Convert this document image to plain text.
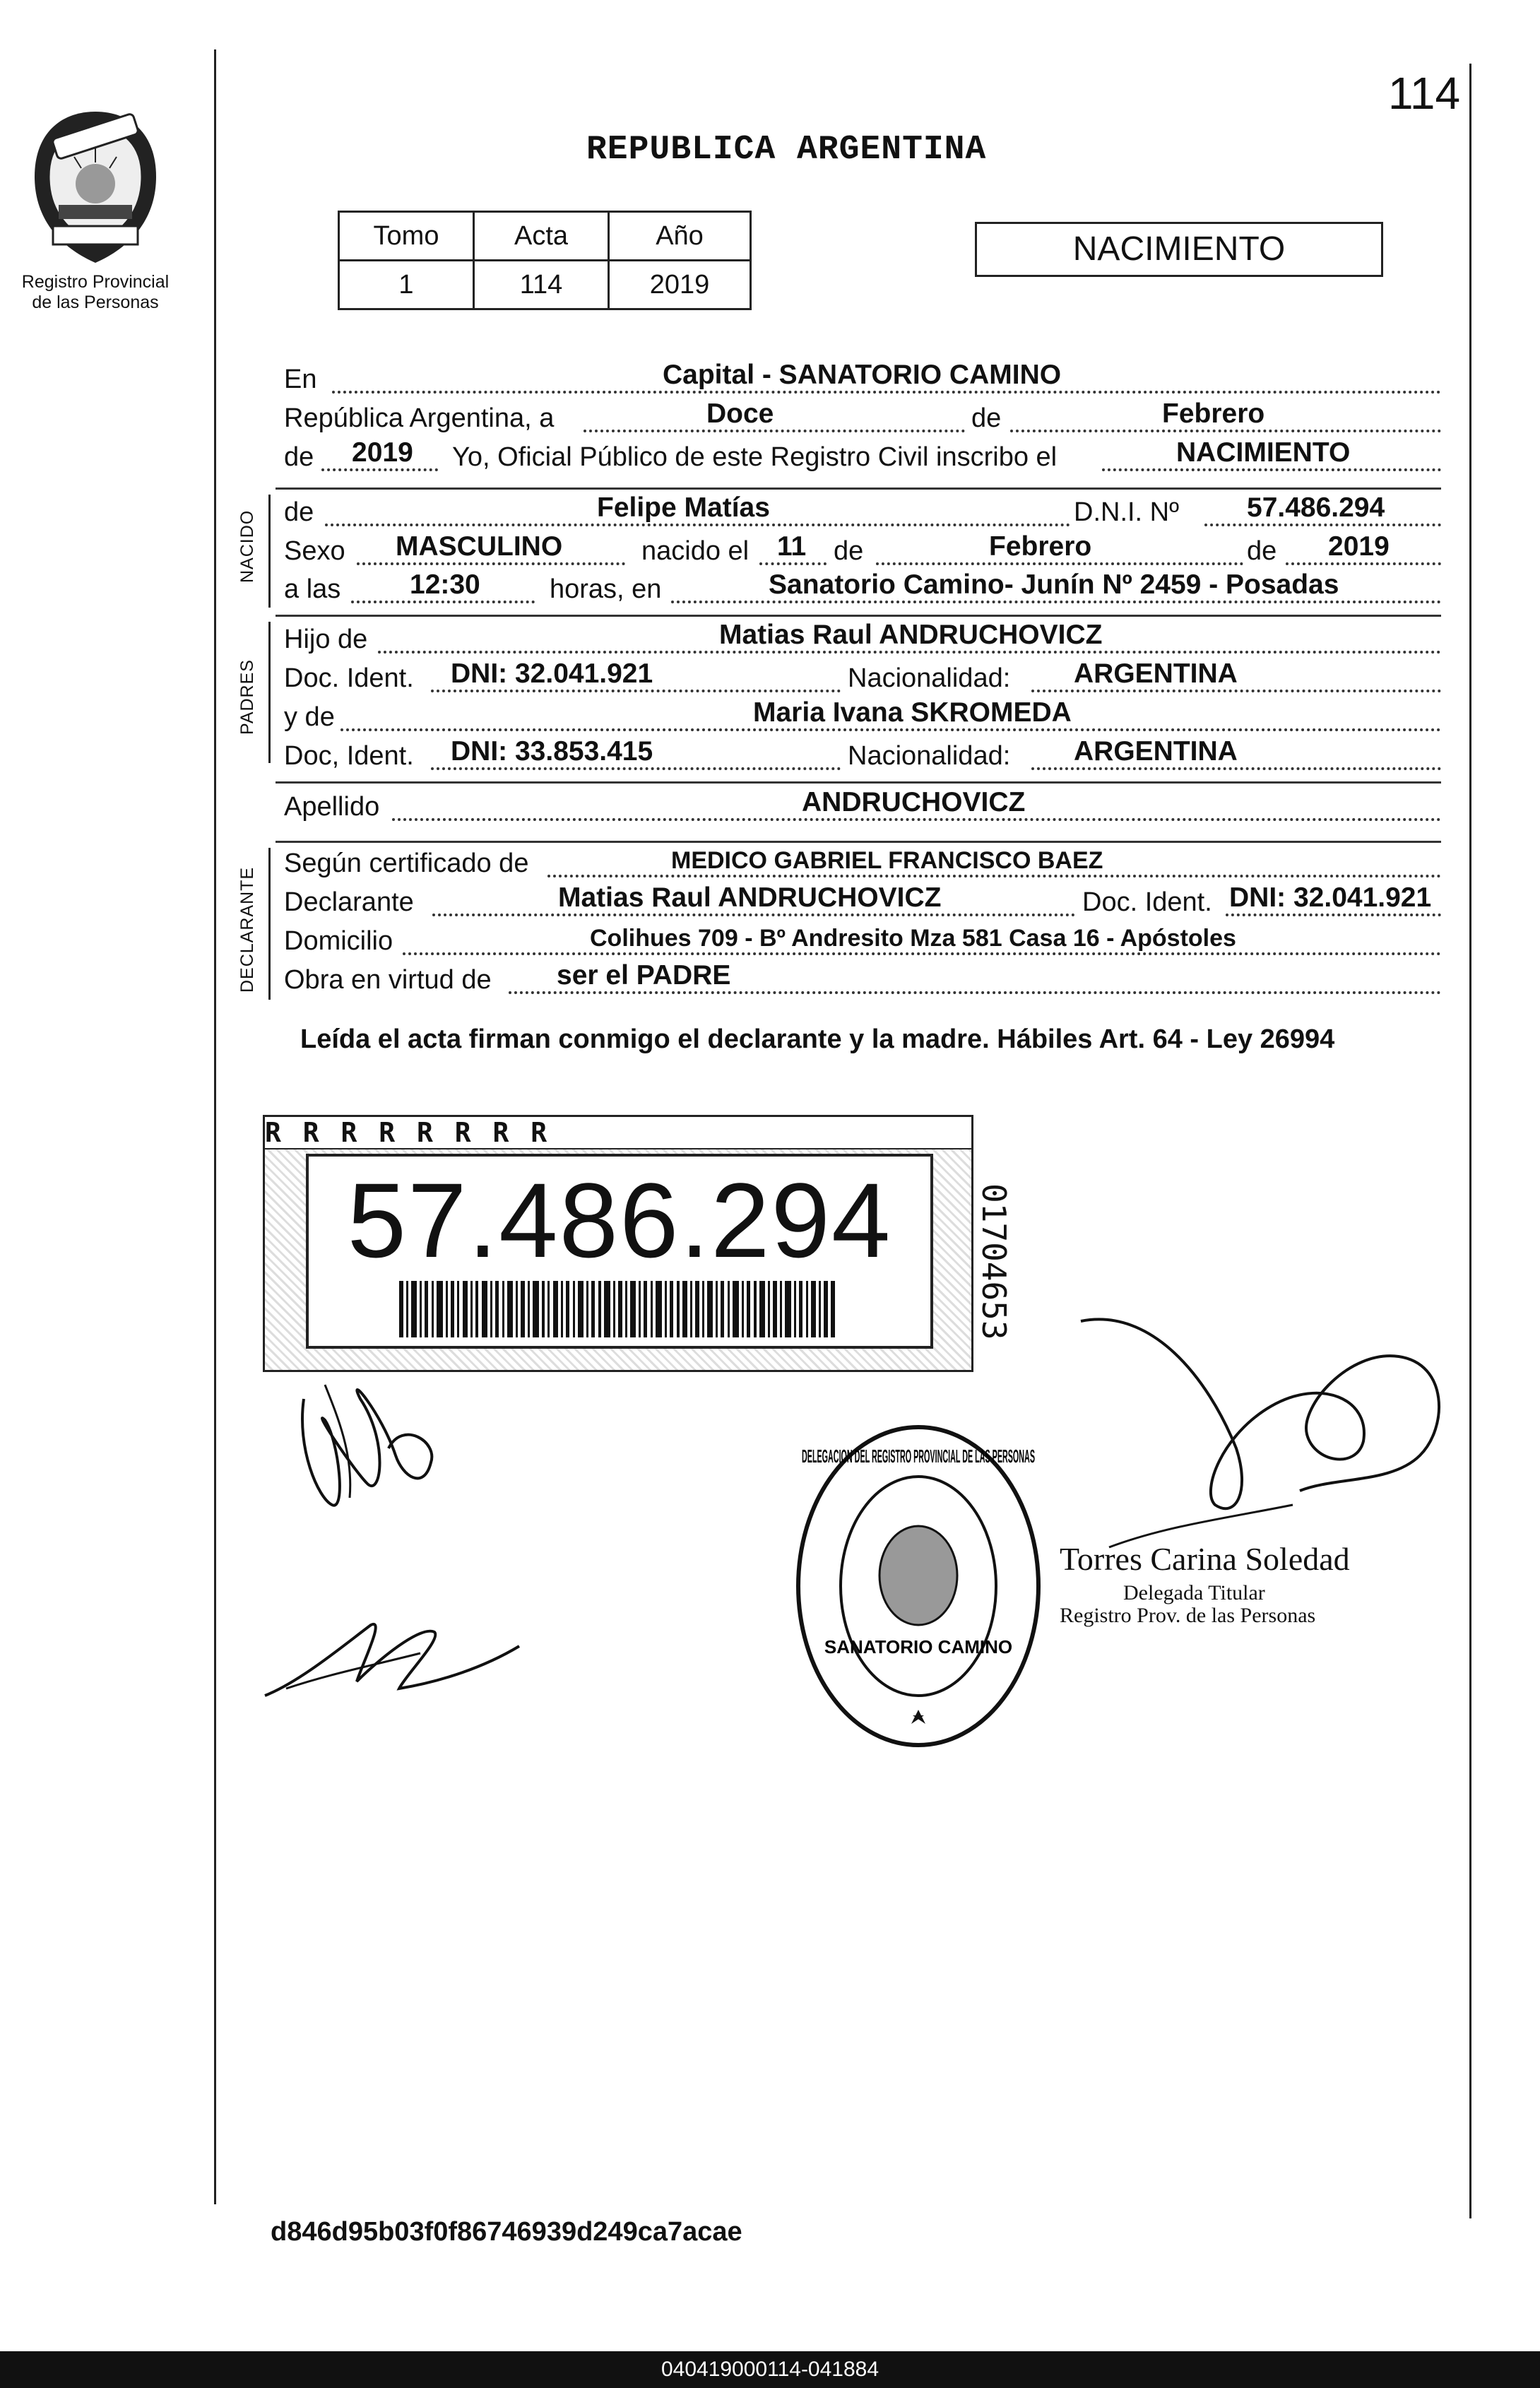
Registro Provincial
de las Personas
114
REPUBLICA ARGENTINA
Tomo	Acta	Año
1	114	2019
NACIMIENTO
En	Capital - SANATORIO CAMINO
República Argentina, a	Doce	de	Febrero
de 2019 Yo, Oficial Público de este Registro Civil inscribo el	NACIMIENTO
NACIDO de	Felipe Matías	D.N.I. Nº 57.486.294
Sexo MASCULINO	nacido el 11 de	Febrero	de 2019
a las	12:30	horas, en	Sanatorio Camino- Junín Nº 2459 - Posadas
PADRES
Hijo de	Matias Raul ANDRUCHOVICZ
Doc. Ident. DNI: 32.041.921	Nacionalidad: ARGENTINA
y de	Maria Ivana SKROMEDA
Doc, Ident. DNI: 33.853.415	Nacionalidad: ARGENTINA
Apellido	ANDRUCHOVICZ
DECLARANTE
Según certificado de	MEDICO GABRIEL FRANCISCO BAEZ
Declarante	Matias Raul ANDRUCHOVICZ	Doc. Ident. DNI: 32.041.921
Domicilio	Colihues 709 - Bº Andresito Mza 581 Casa 16 - Apóstoles
Obra en virtud de ser el PADRE
Leída el acta firman conmigo el declarante y la madre. Hábiles Art. 64 - Ley 26994
R R R R R R R R
57.486.294	01704653
DELEGACION DEL REGISTRO PROVINCIAL DE LAS PERSONAS
SANATORIO CAMINO
Torres Carina Soledad
Delegada Titular
Registro Prov. de las Personas
d846d95b03f0f86746939d249ca7acae
040419000114-041884
